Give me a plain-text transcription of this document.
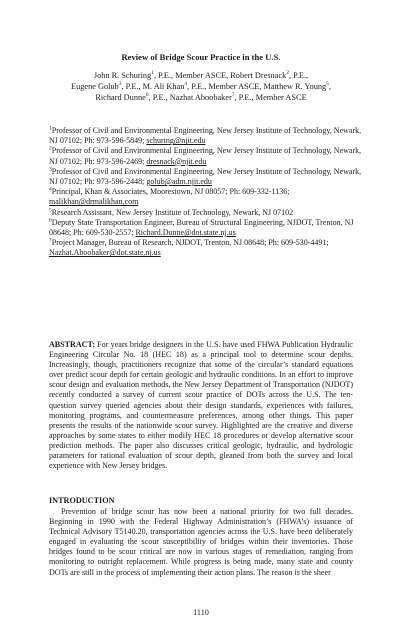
Review of Bridge Scour Practice in the U.S.
John R. Schuring$^1$, P.E., Member ASCE, Robert Dresnack$^2$, P.E.,
Eugene Golub$^3$, P.E., M. Ali Khan$^4$, P.E., Member ASCE, Matthew R. Young$^5$,
Richard Dunne$^6$, P.E., Nazhat Aboobaker$^7$, P.E., Member ASCE

$^1$Professor of Civil and Environmental Engineering, New Jersey Institute of Technology, Newark, NJ 07102; Ph: 973-596-5849; schuring@njit.edu

$^2$Professor of Civil and Environmental Engineering, New Jersey Institute of Technology, Newark, NJ 07102; Ph: 973-596-2469; dresnack@njit.edu

$^3$Professor of Civil and Environmental Engineering, New Jersey Institute of Technology, Newark, NJ 07102; Ph: 973-596-2448; golub@adm.njit.edu

$^4$Principal, Khan & Associates, Moorestown, NJ 08057; Ph: 609-332-1136; malikhan@drmalikhan.com

$^5$Research Assistant, New Jersey Institute of Technology, Newark, NJ 07102

$^6$Deputy State Transportation Engineer, Bureau of Structural Engineering, NJDOT, Trenton, NJ 08648; Ph: 609-530-2557; Richard.Dunne@dot.state.nj.us

$^7$Project Manager, Bureau of Research, NJDOT, Trenton, NJ 08648; Ph: 609-530-4491; Nazhat.Aboobaker@dot.state.nj.us

ABSTRACT: For years bridge designers in the U.S. have used FHWA Publication Hydraulic Engineering Circular No. 18 (HEC 18) as a principal tool to determine scour depths. Increasingly, though, practitioners recognize that some of the circular’s standard equations over predict scour depth for certain geologic and hydraulic conditions. In an effort to improve scour design and evaluation methods, the New Jersey Department of Transportation (NJDOT) recently conducted a survey of current scour practice of DOTs across the U.S. The ten-question survey queried agencies about their design standards, experiences with failures, monitoring programs, and countermeasure preferences, among other things. This paper presents the results of the nationwide scour survey. Highlighted are the creative and diverse approaches by some states to either modify HEC 18 procedures or develop alternative scour prediction methods. The paper also discusses critical geologic, hydraulic, and hydrologic parameters for rational evaluation of scour depth, gleaned from both the survey and local experience with New Jersey bridges.
INTRODUCTION
Prevention of bridge scour has now been a national priority for two full decades. Beginning in 1990 with the Federal Highway Administration’s (FHWA’s) issuance of Technical Advisory T5140.20, transportation agencies across the U.S. have been deliberately engaged in evaluating the scour susceptibility of bridges within their inventories. Those bridges found to be scour critical are now in various stages of remediation, ranging from monitoring to outright replacement. While progress is being made, many state and county DOTs are still in the process of implementing their action plans. The reason is the sheer
1110
